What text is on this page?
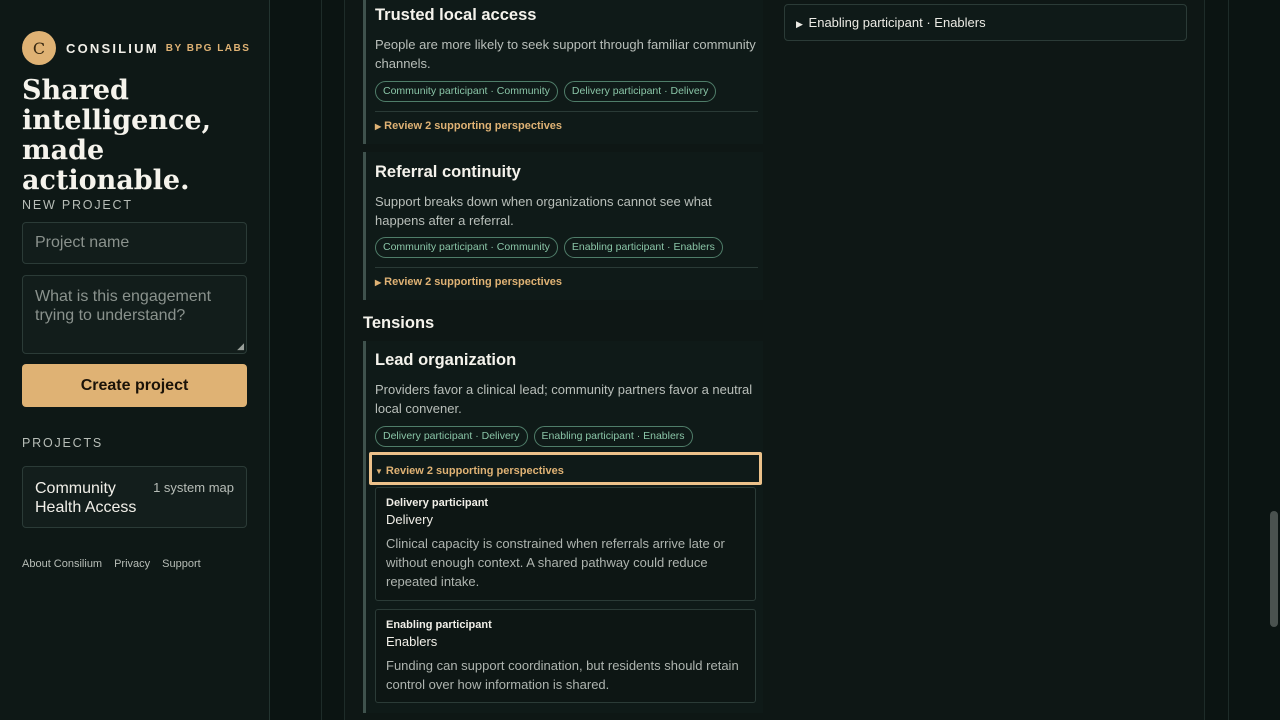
C	CONSILIUM BY BPG LABS
Shared intelligence, made actionable.
NEW PROJECT
Project name
What is this engagement trying to understand?
◢
Create project
PROJECTS
Community Health Access
1 system map
About Consilium Privacy Support
Trusted local access

People are more likely to seek support through familiar community channels.

Community participant · Community	Delivery participant · Delivery
▶ Review 2 supporting perspectives
Referral continuity

Support breaks down when organizations cannot see what happens after a referral.

Community participant · Community	Enabling participant · Enablers
▶ Review 2 supporting perspectives
Tensions
Lead organization

Providers favor a clinical lead; community partners favor a neutral local convener.

Delivery participant · Delivery	Enabling participant · Enablers
▼ Review 2 supporting perspectives
Delivery participant
Delivery

Clinical capacity is constrained when referrals arrive late or without enough context. A shared pathway could reduce repeated intake.

Enabling participant
Enablers

Funding can support coordination, but residents should retain control over how information is shared.

▶ Enabling participant · Enablers
